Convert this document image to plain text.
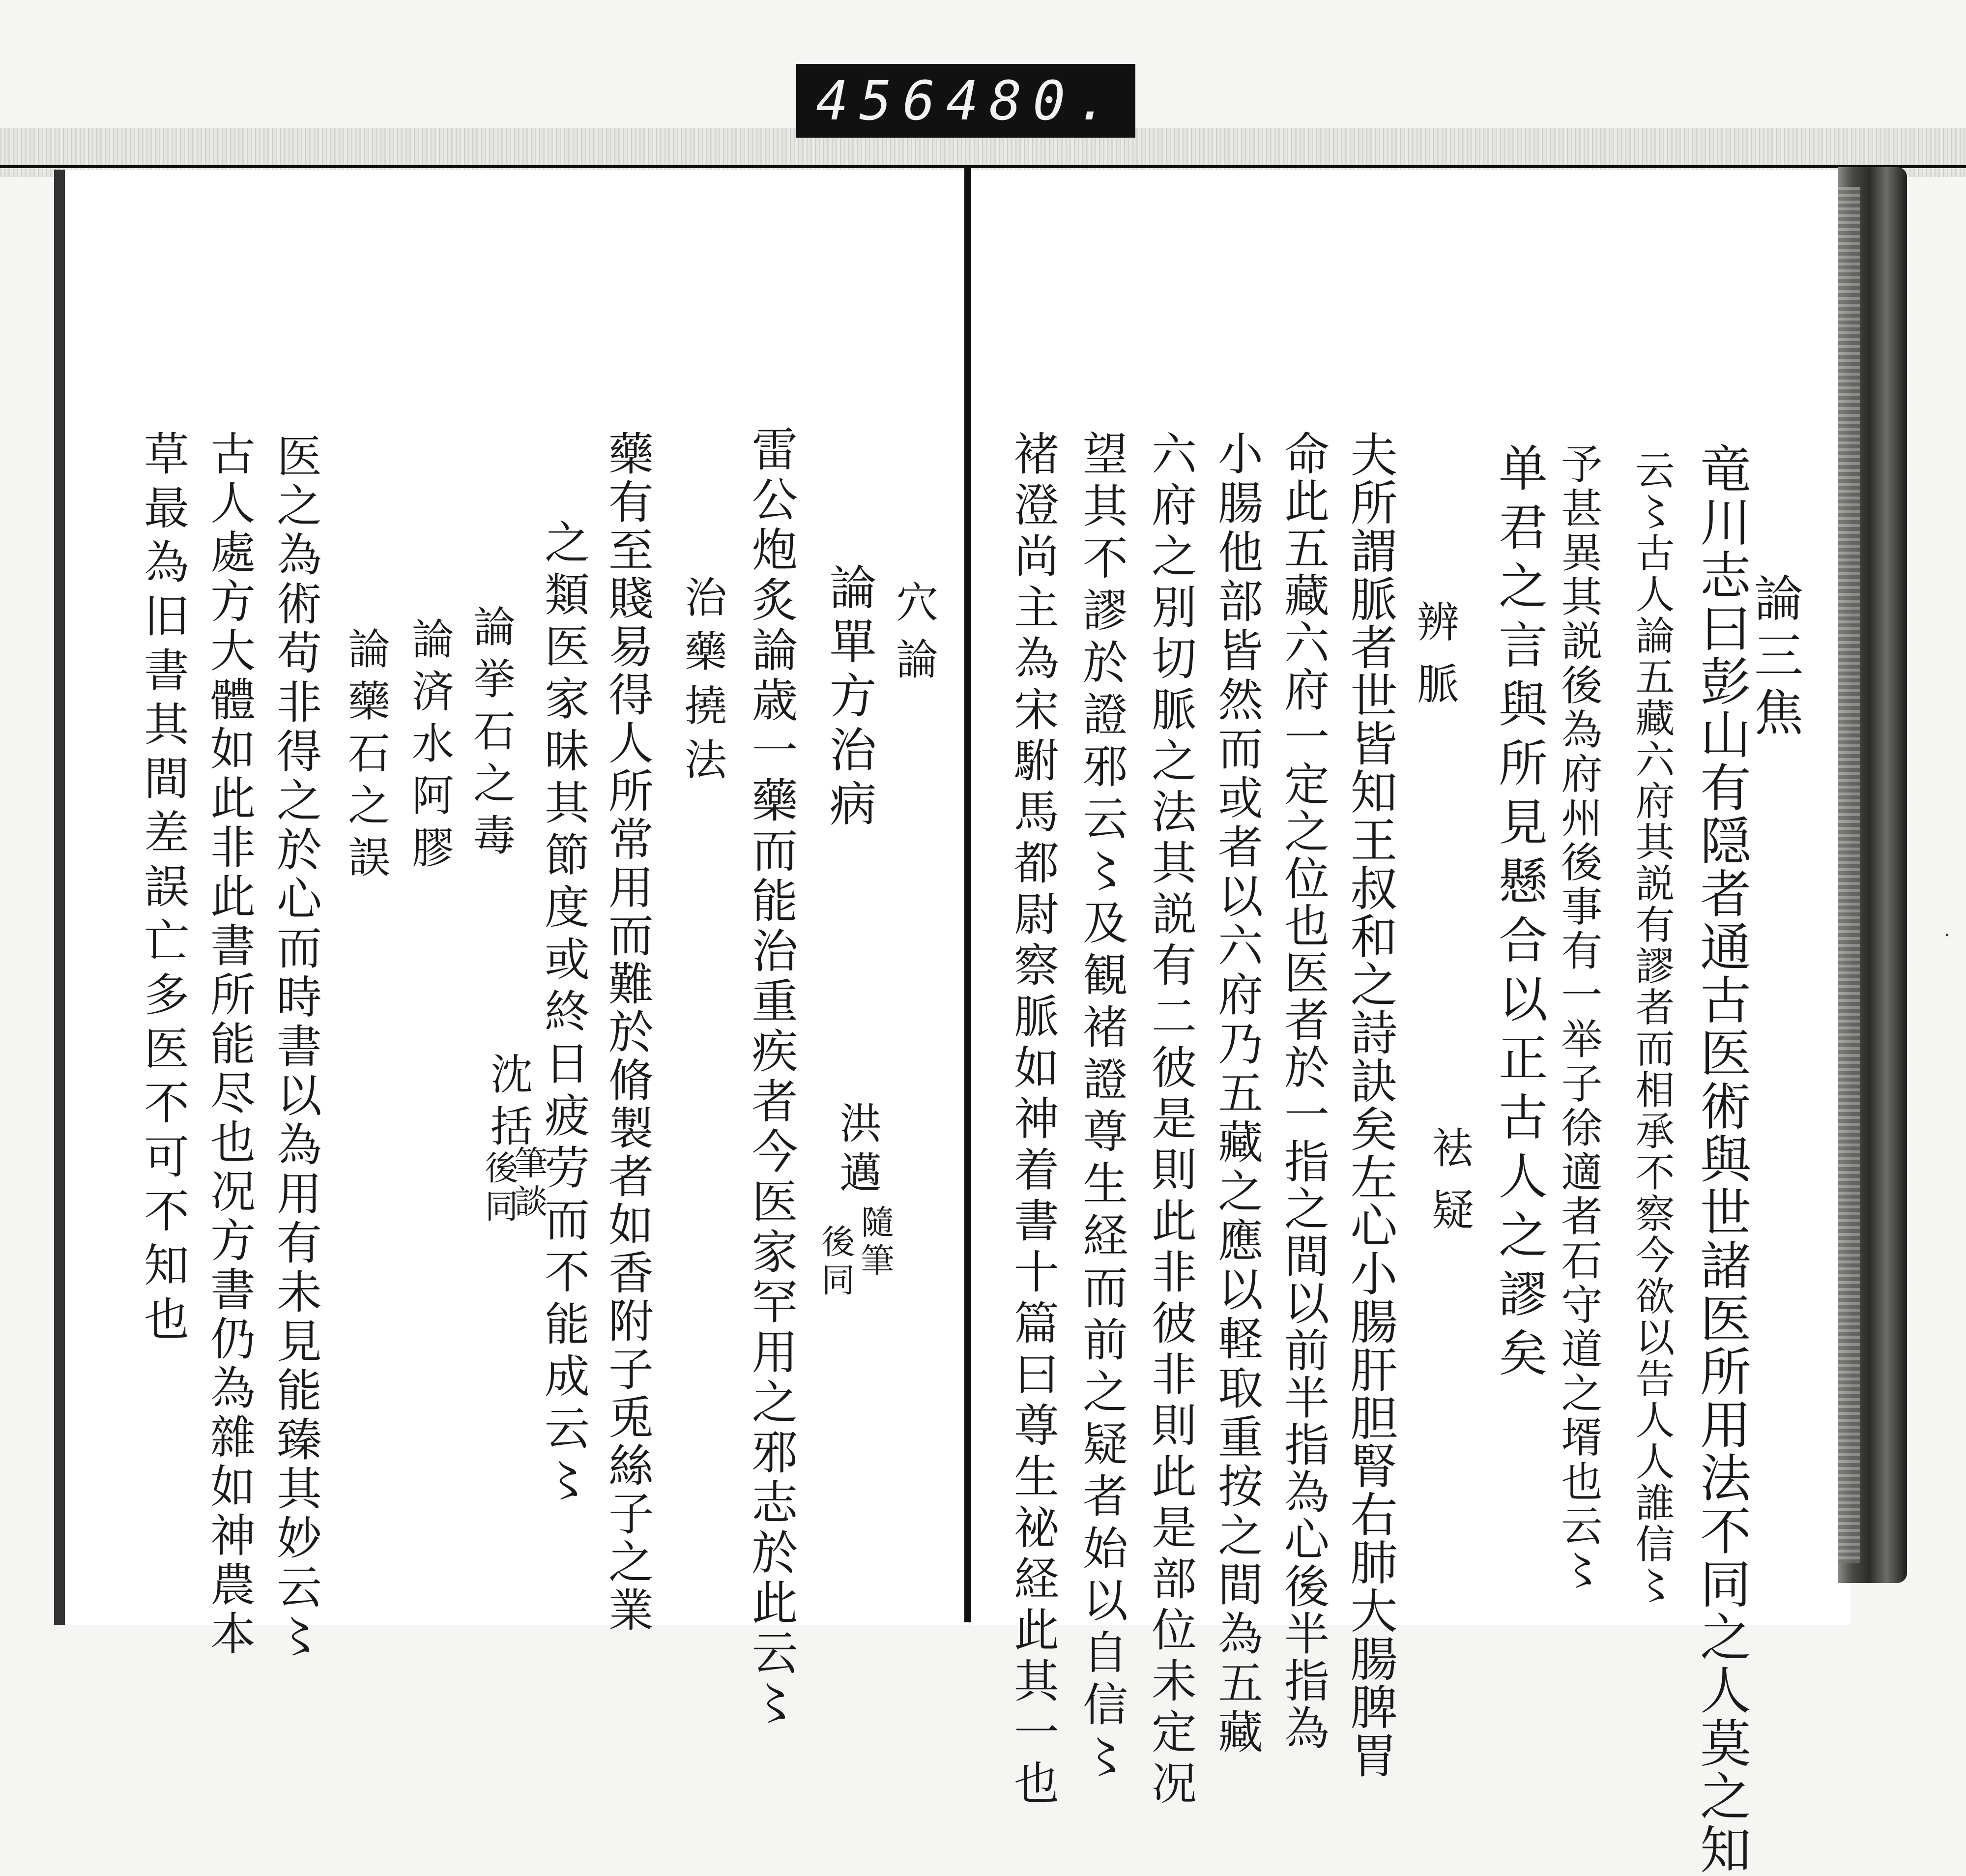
456 480.
·
論三焦
竜川志曰彭山有隠者通古医術與世諸医所用法不同之人莫之知
云〻古人論五藏六府其説有謬者而相承不察今欲以告人人誰信〻
予甚異其説後為府州後事有一举子徐適者石守道之壻也云〻
单君之言與所見懸合以正古人之謬矣
辨脈
袪疑
夫所謂脈者世皆知王叔和之詩訣矣左心小腸肝胆腎右肺大腸脾胃
命此五藏六府一定之位也医者於一指之間以前半指為心後半指為
小腸他部皆然而或者以六府乃五藏之應以軽取重按之間為五藏
六府之別切脈之法其説有二彼是則此非彼非則此是部位未定况
望其不謬於證邪云〻及観褚證尊生経而前之疑者始以自信〻
褚澄尚主為宋駙馬都尉察脈如神着書十篇曰尊生祕経此其一也
穴論
論單方治病
洪邁
隨筆
後同
雷公炮炙論歳一藥而能治重疾者今医家罕用之邪志於此云〻
治藥撓法
藥有至賤易得人所常用而難於脩製者如香附子兎絲子之業
之類医家昧其節度或終日疲劳而不能成云〻
論挙石之毒
沈括
筆談
後同
論済水阿膠
論藥石之誤
医之為術苟非得之於心而時書以為用有未見能臻其妙云〻
古人處方大體如此非此書所能尽也况方書仍為雜如神農本
草最為旧書其間差誤亡多医不可不知也
